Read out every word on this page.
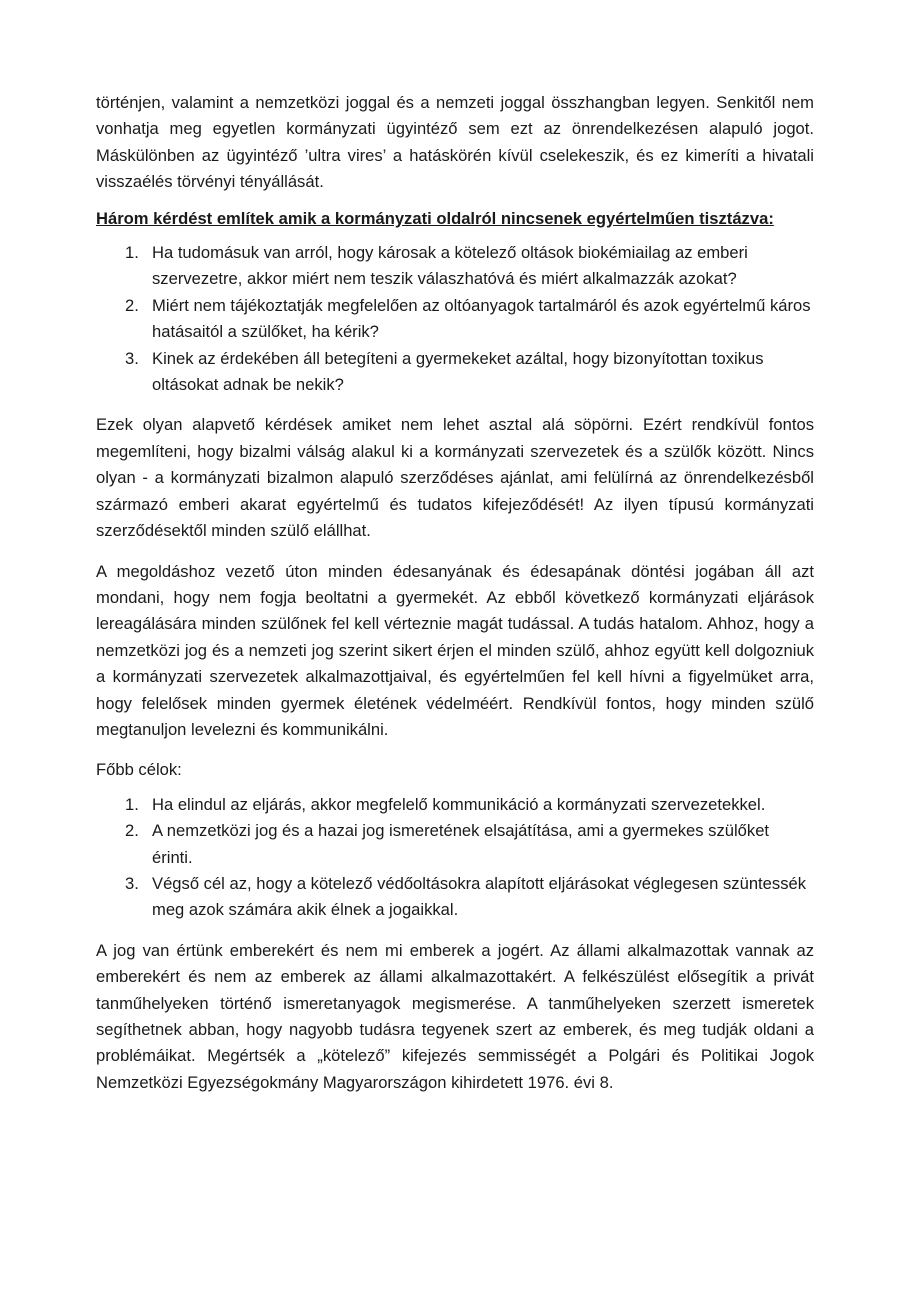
történjen, valamint a nemzetközi joggal és a nemzeti joggal összhangban legyen. Senkitől nem vonhatja meg egyetlen kormányzati ügyintéző sem ezt az önrendelkezésen alapuló jogot. Máskülönben az ügyintéző ’ultra vires’ a hatáskörén kívül cselekeszik, és ez kimeríti a hivatali visszaélés törvényi tényállását.

Három kérdést említek amik a kormányzati oldalról nincsenek egyértelműen tisztázva:

1. Ha tudomásuk van arról, hogy károsak a kötelező oltások biokémiailag az emberi szervezetre, akkor miért nem teszik válaszhatóvá és miért alkalmazzák azokat?
2. Miért nem tájékoztatják megfelelően az oltóanyagok tartalmáról és azok egyértelmű káros hatásaitól a szülőket, ha kérik?
3. Kinek az érdekében áll betegíteni a gyermekeket azáltal, hogy bizonyítottan toxikus oltásokat adnak be nekik?

Ezek olyan alapvető kérdések amiket nem lehet asztal alá söpörni. Ezért rendkívül fontos megemlíteni, hogy bizalmi válság alakul ki a kormányzati szervezetek és a szülők között. Nincs olyan - a kormányzati bizalmon alapuló szerződéses ajánlat, ami felülírná az önrendelkezésből származó emberi akarat egyértelmű és tudatos kifejeződését! Az ilyen típusú kormányzati szerződésektől minden szülő elállhat.

A megoldáshoz vezető úton minden édesanyának és édesapának döntési jogában áll azt mondani, hogy nem fogja beoltatni a gyermekét. Az ebből következő kormányzati eljárások lereagálására minden szülőnek fel kell vérteznie magát tudással. A tudás hatalom. Ahhoz, hogy a nemzetközi jog és a nemzeti jog szerint sikert érjen el minden szülő, ahhoz együtt kell dolgozniuk a kormányzati szervezetek alkalmazottjaival, és egyértelműen fel kell hívni a figyelmüket arra, hogy felelősek minden gyermek életének védelméért. Rendkívül fontos, hogy minden szülő megtanuljon levelezni és kommunikálni.

Főbb célok:

1. Ha elindul az eljárás, akkor megfelelő kommunikáció a kormányzati szervezetekkel.
2. A nemzetközi jog és a hazai jog ismeretének elsajátítása, ami a gyermekes szülőket érinti.
3. Végső cél az, hogy a kötelező védőoltásokra alapított eljárásokat véglegesen szüntessék meg azok számára akik élnek a jogaikkal.

A jog van értünk emberekért és nem mi emberek a jogért. Az állami alkalmazottak vannak az emberekért és nem az emberek az állami alkalmazottakért. A felkészülést elősegítik a privát tanműhelyeken történő ismeretanyagok megismerése. A tanműhelyeken szerzett ismeretek segíthetnek abban, hogy nagyobb tudásra tegyenek szert az emberek, és meg tudják oldani a problémáikat. Megértsék a „kötelező” kifejezés semmisségét a Polgári és Politikai Jogok Nemzetközi Egyezségokmány Magyarországon kihirdetett 1976. évi 8.
